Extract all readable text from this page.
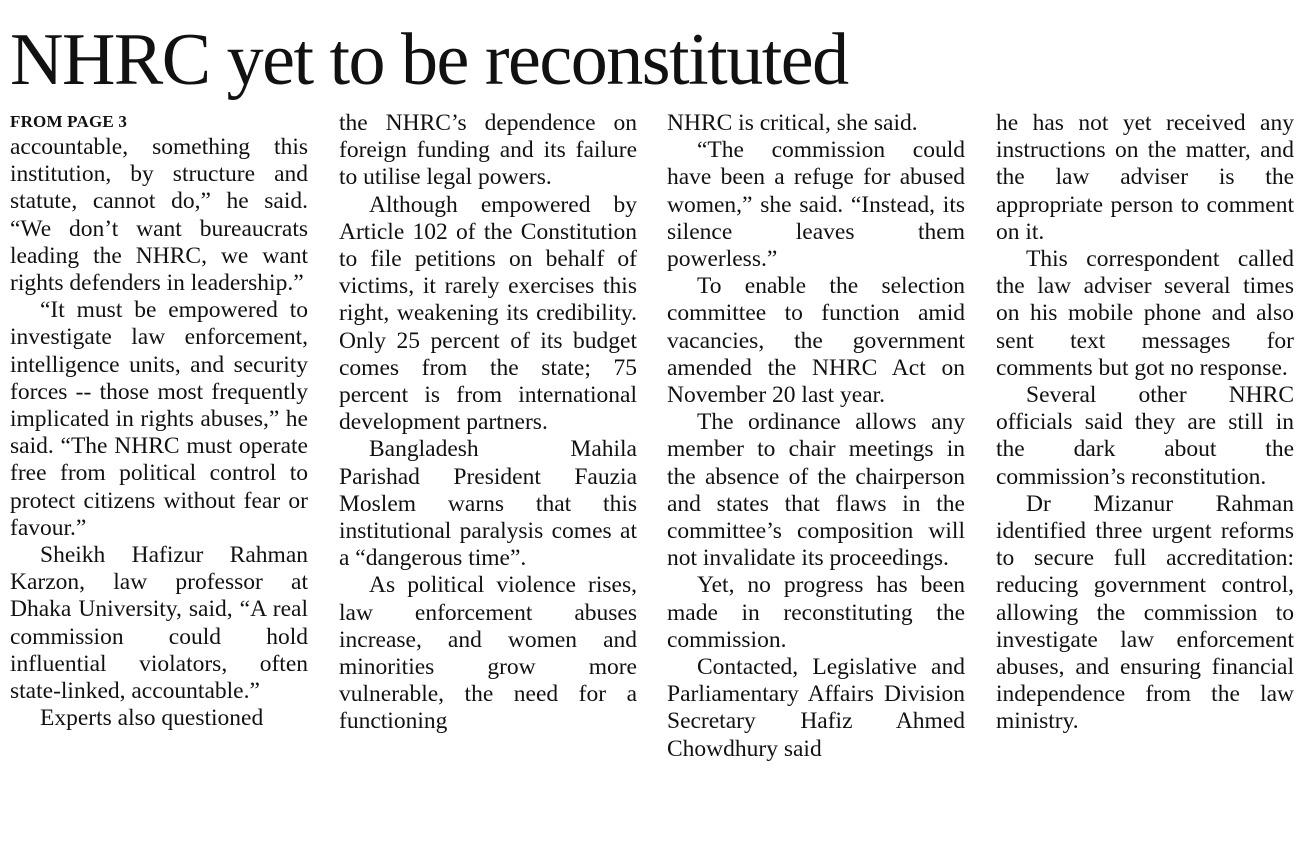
NHRC yet to be reconstituted
FROM PAGE 3

accountable, something this institution, by structure and statute, cannot do,” he said. “We don’t want bureaucrats leading the NHRC, we want rights defenders in leadership.”

“It must be empowered to investigate law enforcement, intelligence units, and security forces -- those most frequently implicated in rights abuses,” he said. “The NHRC must operate free from political control to protect citizens without fear or favour.”

Sheikh Hafizur Rahman Karzon, law professor at Dhaka University, said, “A real commission could hold influential violators, often state-linked, accountable.”

Experts also questioned

the NHRC’s dependence on foreign funding and its failure to utilise legal powers.

Although empowered by Article 102 of the Constitution to file petitions on behalf of victims, it rarely exercises this right, weakening its credibility. Only 25 percent of its budget comes from the state; 75 percent is from international development partners.

Bangladesh Mahila Parishad President Fauzia Moslem warns that this institutional paralysis comes at a “dangerous time”.

As political violence rises, law enforcement abuses increase, and women and minorities grow more vulnerable, the need for a functioning

NHRC is critical, she said.

“The commission could have been a refuge for abused women,” she said. “Instead, its silence leaves them powerless.”

To enable the selection committee to function amid vacancies, the government amended the NHRC Act on November 20 last year.

The ordinance allows any member to chair meetings in the absence of the chairperson and states that flaws in the committee’s composition will not invalidate its proceedings.

Yet, no progress has been made in reconstituting the commission.

Contacted, Legislative and Parliamentary Affairs Division Secretary Hafiz Ahmed Chowdhury said

he has not yet received any instructions on the matter, and the law adviser is the appropriate person to comment on it.

This correspondent called the law adviser several times on his mobile phone and also sent text messages for comments but got no response.

Several other NHRC officials said they are still in the dark about the commission’s reconstitution.

Dr Mizanur Rahman identified three urgent reforms to secure full accreditation: reducing government control, allowing the commission to investigate law enforcement abuses, and ensuring financial independence from the law ministry.
